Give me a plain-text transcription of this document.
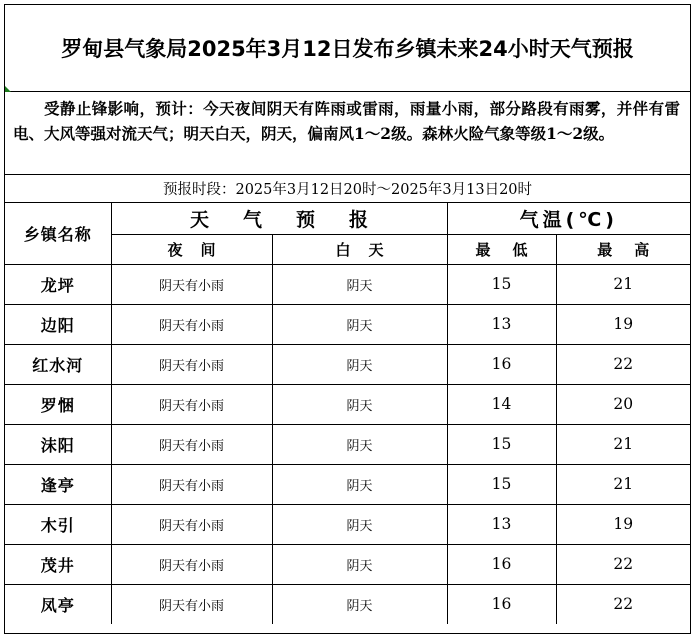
罗甸县气象局2025年3月12日发布乡镇未来24小时天气预报
受静止锋影响，预计：今天夜间阴天有阵雨或雷雨，雨量小雨，部分路段有雨雾，并伴有雷电、大风等强对流天气；明天白天，阴天，偏南风1～2级。森林火险气象等级1～2级。
预报时段：2025年3月12日20时～2025年3月13日20时
乡镇名称	天气预报		气温(℃)	
	夜间	白天	最低	最高
龙坪	阴天有小雨	阴天	15	21
边阳	阴天有小雨	阴天	13	19
红水河	阴天有小雨	阴天	16	22
罗悃	阴天有小雨	阴天	14	20
沫阳	阴天有小雨	阴天	15	21
逢亭	阴天有小雨	阴天	15	21
木引	阴天有小雨	阴天	13	19
茂井	阴天有小雨	阴天	16	22
凤亭	阴天有小雨	阴天	16	22
